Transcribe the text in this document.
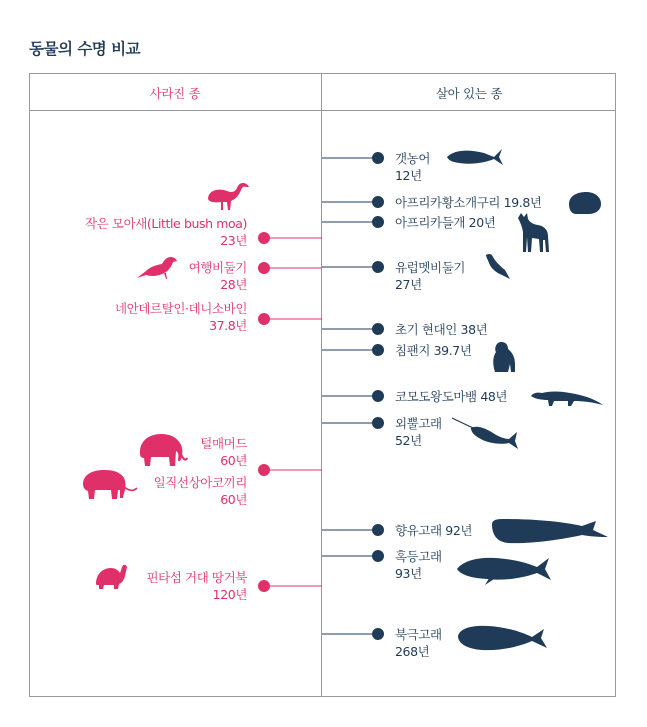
동물의 수명 비교
사라진 종	살아 있는 종
작은 모아새(Little bush moa)
23년
여행비둘기
28년
네안데르탈인·데니소바인
37.8년
털매머드
60년
일직선상아코끼리
60년
핀타섬 거대 땅거북
120년
갯농어
12년
아프리카황소개구리 19.8년
아프리카들개 20년
유럽멧비둘기
27년
초기 현대인 38년
침팬지 39.7년
코모도왕도마뱀 48년
외뿔고래
52년
향유고래 92년
혹등고래
93년
북극고래
268년
